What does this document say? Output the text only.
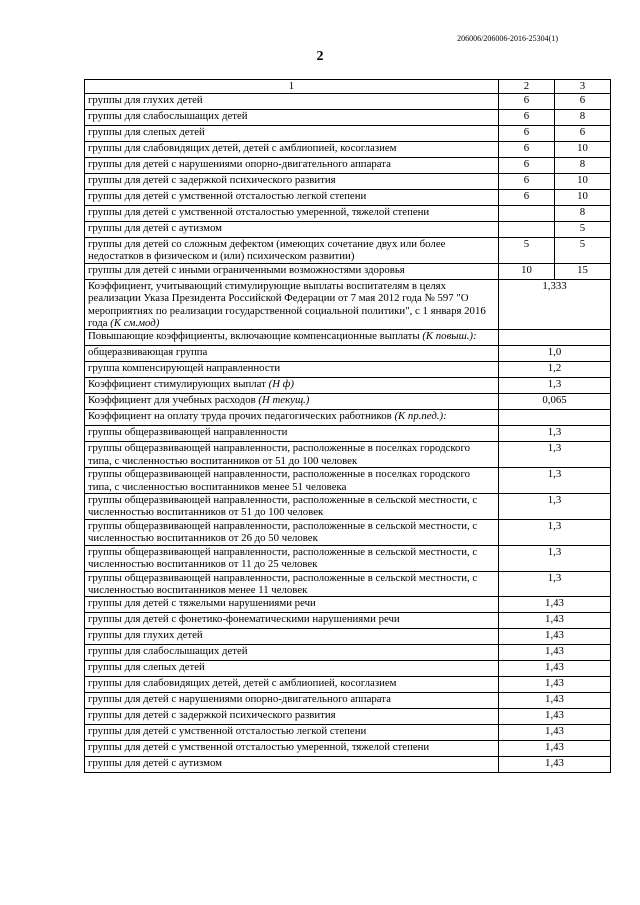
206006/206006-2016-25304(1)
2
1	2	3
группы для глухих детей	6	6
группы для слабослышащих детей	6	8
группы для слепых детей	6	6
группы для слабовидящих детей, детей с амблиопией, косоглазием	6	10
группы для детей с нарушениями опорно-двигательного аппарата	6	8
группы для детей с задержкой психического развития	6	10
группы для детей с умственной отсталостью легкой степени	6	10
группы для детей с умственной отсталостью умеренной, тяжелой степени		8
группы для детей с аутизмом		5
группы для детей со сложным дефектом (имеющих сочетание двух или более недостатков в физическом и (или) психическом развитии)	5	5
группы для детей с иными ограниченными возможностями здоровья	10	15
Коэффициент, учитывающий стимулирующие выплаты воспитателям в целях реализации Указа Президента Российской Федерации от 7 мая 2012 года № 597 "О мероприятиях по реализации государственной социальной политики", с 1 января 2016 года (К см.мод)	1,333	
Повышающие коэффициенты, включающие компенсационные выплаты (К повыш.):		
общеразвивающая группа	1,0	
группа компенсирующей направленности	1,2	
Коэффициент стимулирующих выплат (Н ф)	1,3	
Коэффициент для учебных расходов (Н текущ.)	0,065	
Коэффициент на оплату труда прочих педагогических работников (К пр.пед.):		
группы общеразвивающей направленности	1,3	
группы общеразвивающей направленности, расположенные в поселках городского типа, с численностью воспитанников от 51 до 100 человек	1,3	
группы общеразвивающей направленности, расположенные в поселках городского типа, с численностью воспитанников менее 51 человека	1,3	
группы общеразвивающей направленности, расположенные в сельской местности, с численностью воспитанников от 51 до 100 человек	1,3	
группы общеразвивающей направленности, расположенные в сельской местности, с численностью воспитанников от 26 до 50 человек	1,3	
группы общеразвивающей направленности, расположенные в сельской местности, с численностью воспитанников от 11 до 25 человек	1,3	
группы общеразвивающей направленности, расположенные в сельской местности, с численностью воспитанников менее 11 человек	1,3	
группы для детей с тяжелыми нарушениями речи	1,43	
группы для детей с фонетико-фонематическими нарушениями речи	1,43	
группы для глухих детей	1,43	
группы для слабослышащих детей	1,43	
группы для слепых детей	1,43	
группы для слабовидящих детей, детей с амблиопией, косоглазием	1,43	
группы для детей с нарушениями опорно-двигательного аппарата	1,43	
группы для детей с задержкой психического развития	1,43	
группы для детей с умственной отсталостью легкой степени	1,43	
группы для детей с умственной отсталостью умеренной, тяжелой степени	1,43	
группы для детей с аутизмом	1,43	
